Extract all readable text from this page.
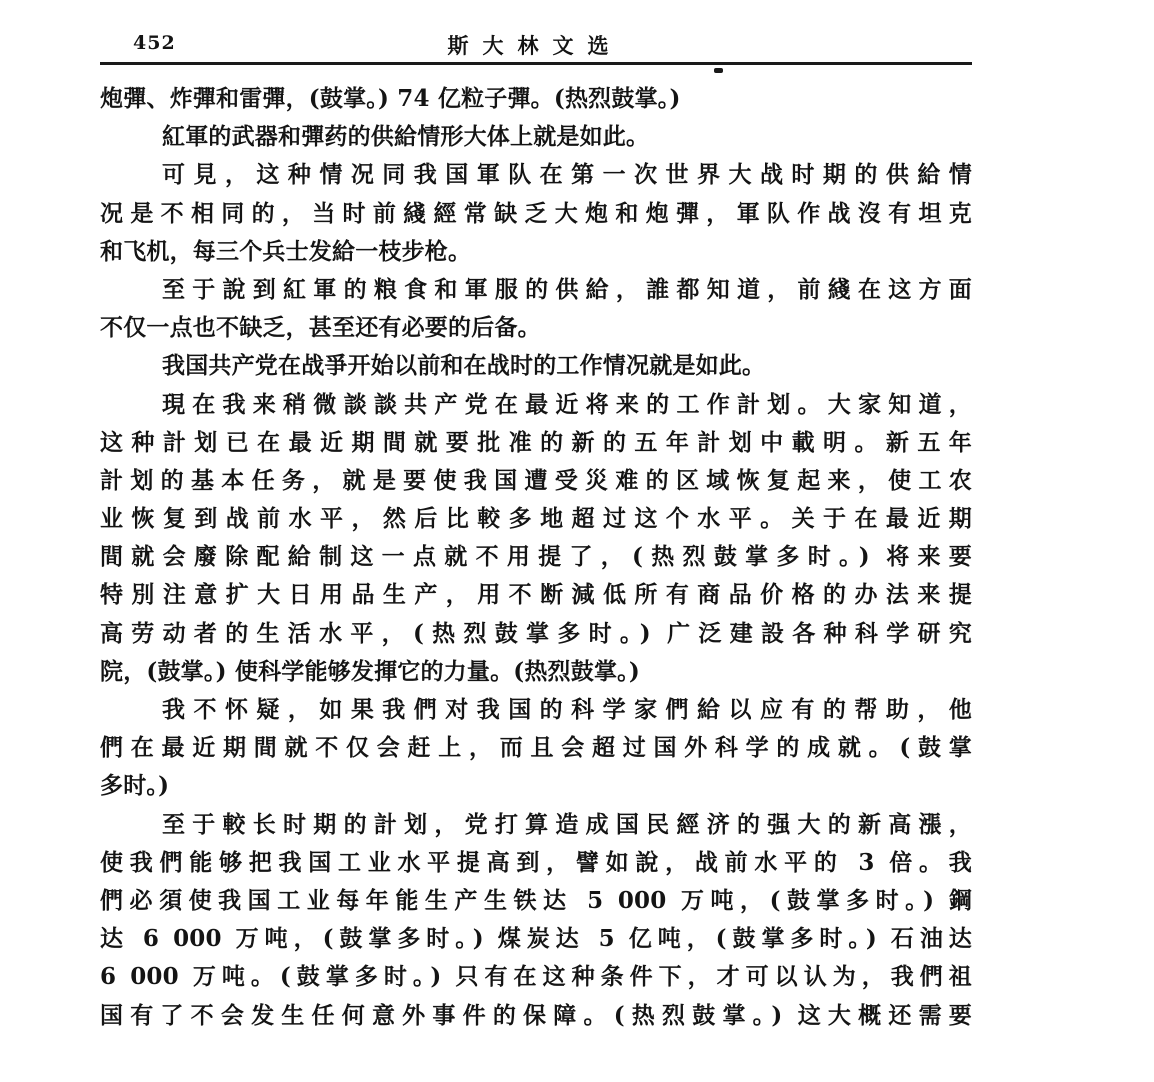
452	斯大林文选
炮彈、炸彈和雷彈，(鼓掌。) 74 亿粒子彈。(热烈鼓掌。)
紅軍的武器和彈药的供給情形大体上就是如此。
可見，这种情况同我国軍队在第一次世界大战时期的供給情
况是不相同的，当时前綫經常缺乏大炮和炮彈，軍队作战沒有坦克
和飞机，每三个兵士发給一枝步枪。
至于說到紅軍的粮食和軍服的供給，誰都知道，前綫在这方面
不仅一点也不缺乏，甚至还有必要的后备。
我国共产党在战爭开始以前和在战时的工作情况就是如此。
現在我来稍微談談共产党在最近将来的工作計划。大家知道，
这种計划已在最近期間就要批准的新的五年計划中載明。新五年
計划的基本任务，就是要使我国遭受災难的区域恢复起来，使工农
业恢复到战前水平，然后比較多地超过这个水平。关于在最近期
間就会廢除配給制这一点就不用提了，(热烈鼓掌多时。) 将来要
特別注意扩大日用品生产，用不断減低所有商品价格的办法来提
高劳动者的生活水平，(热烈鼓掌多时。) 广泛建設各种科学研究
院，(鼓掌。) 使科学能够发揮它的力量。(热烈鼓掌。)
我不怀疑，如果我們对我国的科学家們給以应有的帮助，他
們在最近期間就不仅会赶上，而且会超过国外科学的成就。(鼓掌
多时。)
至于較长时期的計划，党打算造成国民經济的强大的新高漲，
使我們能够把我国工业水平提高到，譬如說，战前水平的 3 倍。我
們必須使我国工业每年能生产生铁达 5 000 万吨，(鼓掌多时。) 鋼
达 6 000 万吨，(鼓掌多时。) 煤炭达 5 亿吨，(鼓掌多时。) 石油达
6 000 万吨。(鼓掌多时。) 只有在这种条件下，才可以认为，我們祖
国有了不会发生任何意外事件的保障。(热烈鼓掌。) 这大概还需要
